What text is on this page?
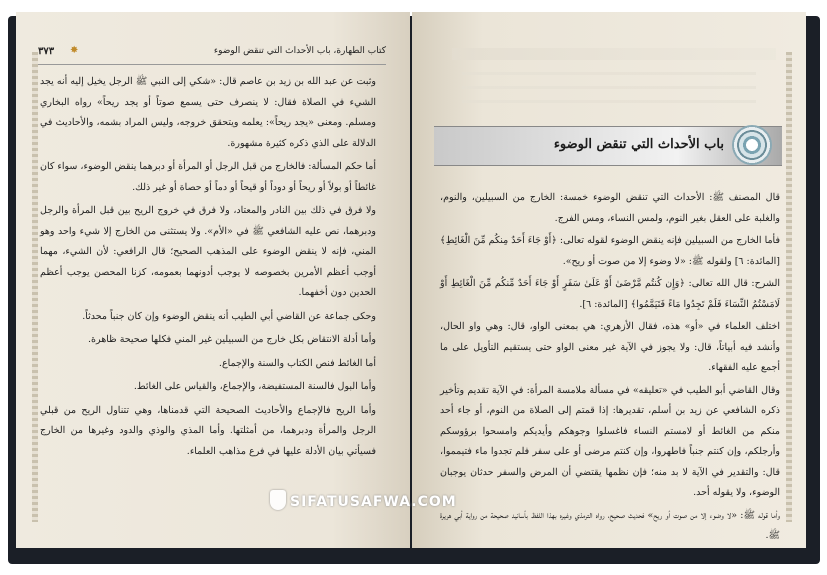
كتاب الطهارة، باب الأحداث التي تنقض الوضوء
✸
٣٧٣

وثبت عن عبد الله بن زيد بن عاصم قال: «شكي إلى النبي ﷺ الرجل يخيل إليه أنه يجد الشيء في الصلاة فقال: لا ينصرف حتى يسمع صوتاً أو يجد ريحاً» رواه البخاري ومسلم. ومعنى «يجد ريحاً»: يعلمه ويتحقق خروجه، وليس المراد بشمه، والأحاديث في الدلالة على الذي ذكره كثيرة مشهورة.

أما حكم المسألة: فالخارج من قبل الرجل أو المرأة أو دبرهما ينقض الوضوء، سواء كان غائطاً أو بولاً أو ريحاً أو دوداً أو قيحاً أو دماً أو حصاة أو غير ذلك.

ولا فرق في ذلك بين النادر والمعتاد، ولا فرق في خروج الريح بين قبل المرأة والرجل ودبرهما، نص عليه الشافعي ﷺ في «الأم». ولا يستثنى من الخارج إلا شيء واحد وهو المني، فإنه لا ينقض الوضوء على المذهب الصحيح؛ قال الرافعي: لأن الشيء، مهما أوجب أعظم الأمرين بخصوصه لا يوجب أدونهما بعمومه، كزنا المحصن يوجب أعظم الحدين دون أخفهما.

وحكى جماعة عن القاضي أبي الطيب أنه ينقض الوضوء وإن كان جنباً محدثاً.

وأما أدلة الانتقاض بكل خارج من السبيلين غير المني فكلها صحيحة ظاهرة.

أما الغائط فنص الكتاب والسنة والإجماع.

وأما البول فالسنة المستفيضة، والإجماع، والقياس على الغائط.

وأما الريح فالإجماع والأحاديث الصحيحة التي قدمناها، وهي تتناول الريح من قبلي الرجل والمرأة ودبرهما، من أمثلتها. وأما المذي والوذي والدود وغيرها من الخارج فسيأتي بيان الأدلة عليها في فرع مذاهب العلماء.

باب الأحداث التي تنقض الوضوء

قال المصنف ﷺ: الأحداث التي تنقض الوضوء خمسة: الخارج من السبيلين، والنوم، والغلبة على العقل بغير النوم، ولمس النساء، ومس الفرج.

فأما الخارج من السبيلين فإنه ينقض الوضوء لقوله تعالى: ﴿أَوْ جَاءَ أَحَدٌ مِنكُم مِّنَ الْغَائِطِ﴾ [المائدة: ٦] ولقوله ﷺ: «لا وضوء إلا من صوت أو ريح».

الشرح: قال الله تعالى: ﴿وَإِن كُنتُم مَّرْضَىٰ أَوْ عَلَىٰ سَفَرٍ أَوْ جَاءَ أَحَدٌ مِّنكُم مِّنَ الْغَائِطِ أَوْ لَامَسْتُمُ النِّسَاءَ فَلَمْ تَجِدُوا مَاءً فَتَيَمَّمُوا﴾ [المائدة: ٦].

اختلف العلماء في «أو» هذه، فقال الأزهري: هي بمعنى الواو، قال: وهي واو الحال، وأنشد فيه أبياتاً، قال: ولا يجوز في الآية غير معنى الواو حتى يستقيم التأويل على ما أجمع عليه الفقهاء.

وقال القاضي أبو الطيب في «تعليقه» في مسألة ملامسة المرأة: في الآية تقديم وتأخير ذكره الشافعي عن زيد بن أسلم، تقديرها: إذا قمتم إلى الصلاة من النوم، أو جاء أحد منكم من الغائط أو لامستم النساء فاغسلوا وجوهكم وأيديكم وامسحوا برؤوسكم وأرجلكم، وإن كنتم جنباً فاطهروا، وإن كنتم مرضى أو على سفر فلم تجدوا ماء فتيمموا، قال: والتقدير في الآية لا بد منه؛ فإن نظمها يقتضي أن المرض والسفر حدثان يوجبان الوضوء، ولا يقوله أحد.

وأما قوله ﷺ: «لا وضوء إلا من صوت أو ريح» فحديث صحيح، رواه الترمذي وغيره بهذا اللفظ بأسانيد صحيحة من رواية أبي هريرة ﷺ.

SIFATUSAFWA.COM
